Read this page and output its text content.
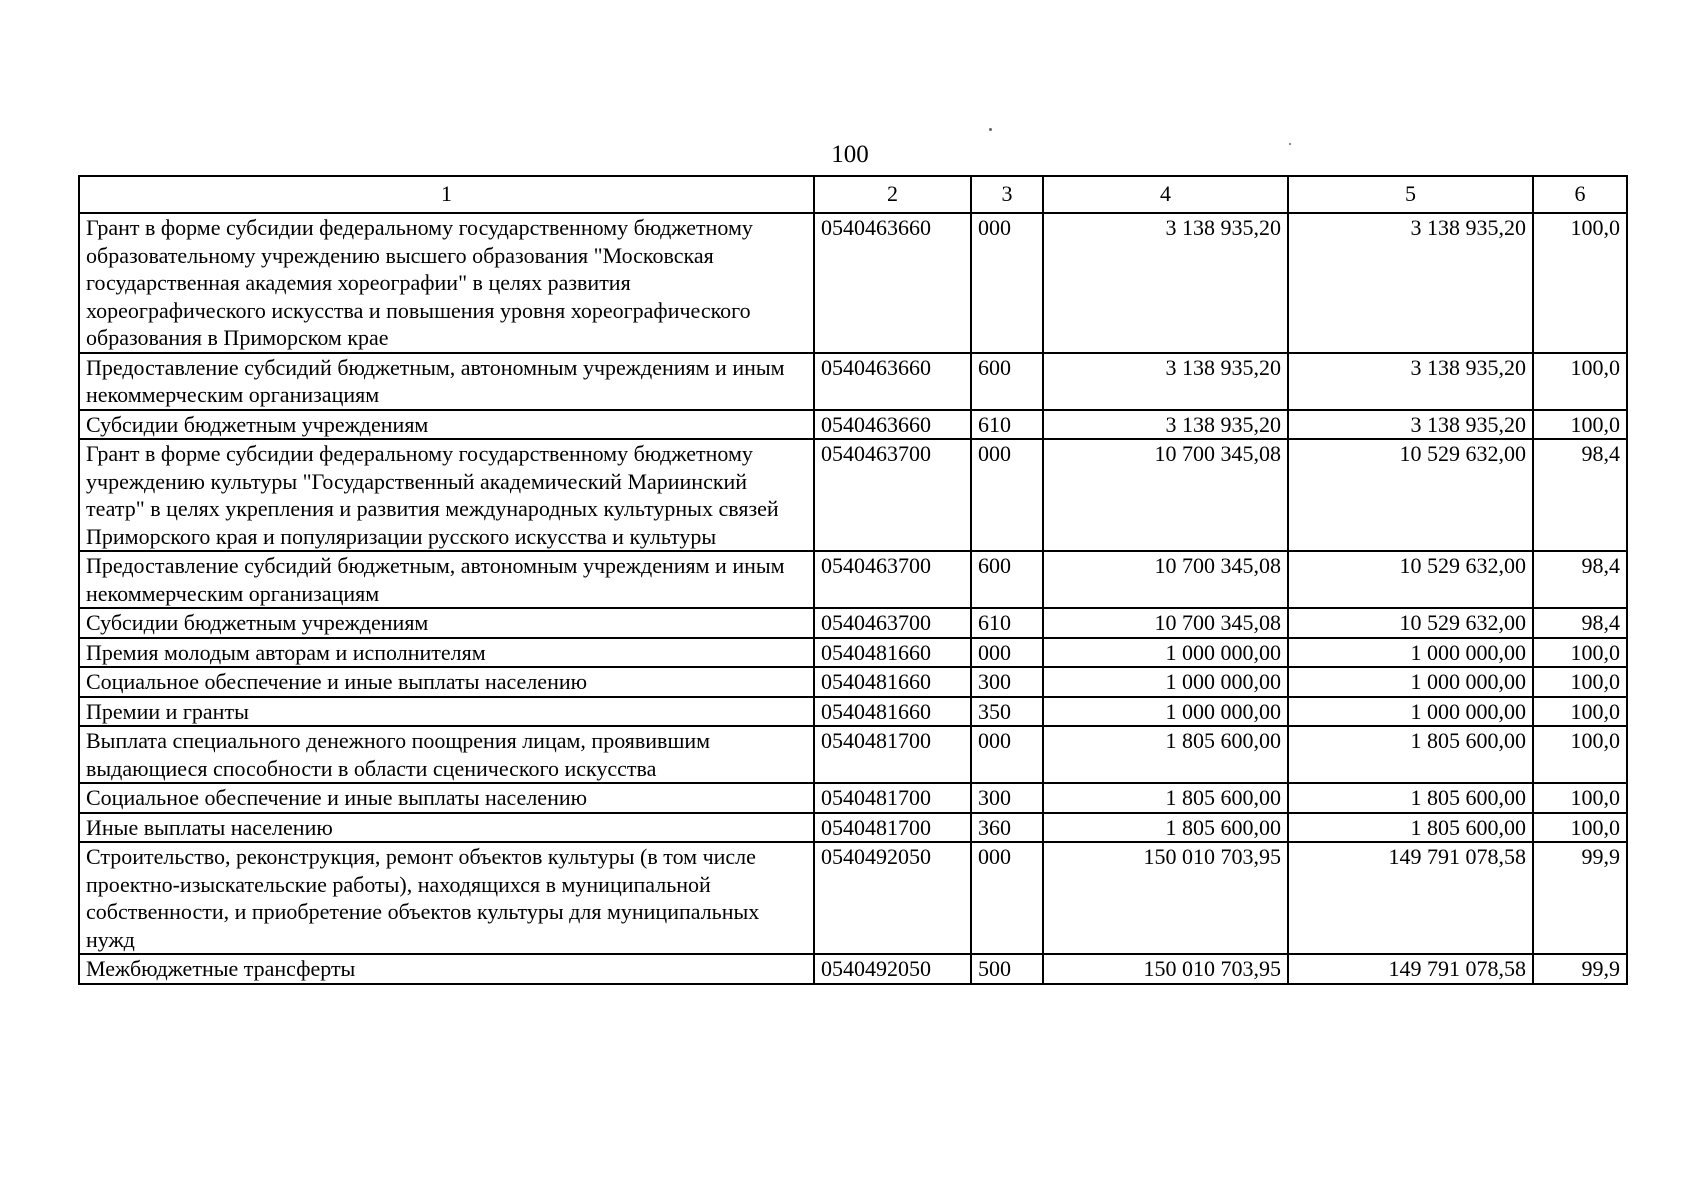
100
1	2	3	4	5	6
Грант в форме субсидии федеральному государственному бюджетному образовательному учреждению высшего образования "Московская государственная академия хореографии" в целях развития хореографического искусства и повышения уровня хореографического образования в Приморском крае	0540463660	000	3 138 935,20	3 138 935,20	100,0
Предоставление субсидий бюджетным, автономным учреждениям и иным некоммерческим организациям	0540463660	600	3 138 935,20	3 138 935,20	100,0
Субсидии бюджетным учреждениям	0540463660	610	3 138 935,20	3 138 935,20	100,0
Грант в форме субсидии федеральному государственному бюджетному учреждению культуры "Государственный академический Мариинский театр" в целях укрепления и развития международных культурных связей Приморского края и популяризации русского искусства и культуры	0540463700	000	10 700 345,08	10 529 632,00	98,4
Предоставление субсидий бюджетным, автономным учреждениям и иным некоммерческим организациям	0540463700	600	10 700 345,08	10 529 632,00	98,4
Субсидии бюджетным учреждениям	0540463700	610	10 700 345,08	10 529 632,00	98,4
Премия молодым авторам и исполнителям	0540481660	000	1 000 000,00	1 000 000,00	100,0
Социальное обеспечение и иные выплаты населению	0540481660	300	1 000 000,00	1 000 000,00	100,0
Премии и гранты	0540481660	350	1 000 000,00	1 000 000,00	100,0
Выплата специального денежного поощрения лицам, проявившим выдающиеся способности в области сценического искусства	0540481700	000	1 805 600,00	1 805 600,00	100,0
Социальное обеспечение и иные выплаты населению	0540481700	300	1 805 600,00	1 805 600,00	100,0
Иные выплаты населению	0540481700	360	1 805 600,00	1 805 600,00	100,0
Строительство, реконструкция, ремонт объектов культуры (в том числе проектно-изыскательские работы), находящихся в муниципальной собственности, и приобретение объектов культуры для муниципальных нужд	0540492050	000	150 010 703,95	149 791 078,58	99,9
Межбюджетные трансферты	0540492050	500	150 010 703,95	149 791 078,58	99,9
